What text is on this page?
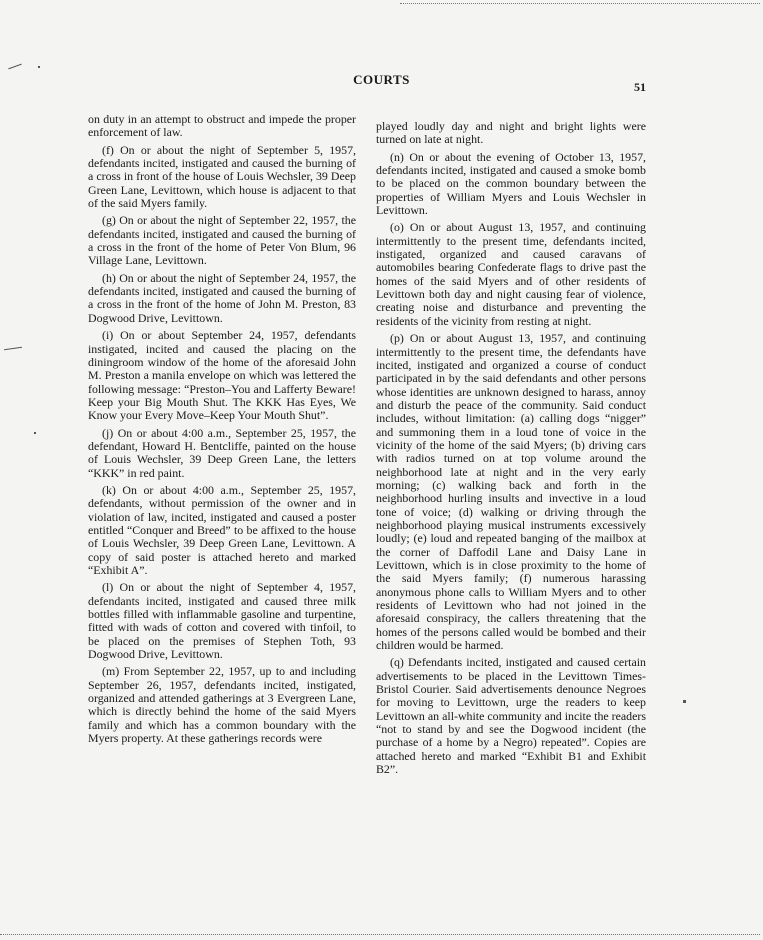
COURTS	51

on duty in an attempt to obstruct and impede the proper enforcement of law.

(f) On or about the night of September 5, 1957, defendants incited, instigated and caused the burning of a cross in front of the house of Louis Wechsler, 39 Deep Green Lane, Levittown, which house is adjacent to that of the said Myers family.

(g) On or about the night of September 22, 1957, the defendants incited, instigated and caused the burning of a cross in the front of the home of Peter Von Blum, 96 Village Lane, Levittown.

(h) On or about the night of September 24, 1957, the defendants incited, instigated and caused the burning of a cross in the front of the home of John M. Preston, 83 Dogwood Drive, Levittown.

(i) On or about September 24, 1957, defendants instigated, incited and caused the placing on the diningroom window of the home of the aforesaid John M. Preston a manila envelope on which was lettered the following message: “Preston–You and Lafferty Beware! Keep your Big Mouth Shut. The KKK Has Eyes, We Know your Every Move–Keep Your Mouth Shut”.

(j) On or about 4:00 a.m., September 25, 1957, the defendant, Howard H. Bentcliffe, painted on the house of Louis Wechsler, 39 Deep Green Lane, the letters “KKK” in red paint.

(k) On or about 4:00 a.m., September 25, 1957, defendants, without permission of the owner and in violation of law, incited, instigated and caused a poster entitled “Conquer and Breed” to be affixed to the house of Louis Wechsler, 39 Deep Green Lane, Levittown. A copy of said poster is attached hereto and marked “Exhibit A”.

(l) On or about the night of September 4, 1957, defendants incited, instigated and caused three milk bottles filled with inflammable gasoline and turpentine, fitted with wads of cotton and covered with tinfoil, to be placed on the premises of Stephen Toth, 93 Dogwood Drive, Levittown.

(m) From September 22, 1957, up to and including September 26, 1957, defendants incited, instigated, organized and attended gatherings at 3 Evergreen Lane, which is directly behind the home of the said Myers family and which has a common boundary with the Myers property. At these gatherings records were

played loudly day and night and bright lights were turned on late at night.

(n) On or about the evening of October 13, 1957, defendants incited, instigated and caused a smoke bomb to be placed on the common boundary between the properties of William Myers and Louis Wechsler in Levittown.

(o) On or about August 13, 1957, and continuing intermittently to the present time, defendants incited, instigated, organized and caused caravans of automobiles bearing Confederate flags to drive past the homes of the said Myers and of other residents of Levittown both day and night causing fear of violence, creating noise and disturbance and preventing the residents of the vicinity from resting at night.

(p) On or about August 13, 1957, and continuing intermittently to the present time, the defendants have incited, instigated and organized a course of conduct participated in by the said defendants and other persons whose identities are unknown designed to harass, annoy and disturb the peace of the community. Said conduct includes, without limitation: (a) calling dogs “nigger” and summoning them in a loud tone of voice in the vicinity of the home of the said Myers; (b) driving cars with radios turned on at top volume around the neighborhood late at night and in the very early morning; (c) walking back and forth in the neighborhood hurling insults and invective in a loud tone of voice; (d) walking or driving through the neighborhood playing musical instruments excessively loudly; (e) loud and repeated banging of the mailbox at the corner of Daffodil Lane and Daisy Lane in Levittown, which is in close proximity to the home of the said Myers family; (f) numerous harassing anonymous phone calls to William Myers and to other residents of Levittown who had not joined in the aforesaid conspiracy, the callers threatening that the homes of the persons called would be bombed and their children would be harmed.

(q) Defendants incited, instigated and caused certain advertisements to be placed in the Levittown Times-Bristol Courier. Said advertisements denounce Negroes for moving to Levittown, urge the readers to keep Levittown an all-white community and incite the readers “not to stand by and see the Dogwood incident (the purchase of a home by a Negro) repeated”. Copies are attached hereto and marked “Exhibit B1 and Exhibit B2”.
